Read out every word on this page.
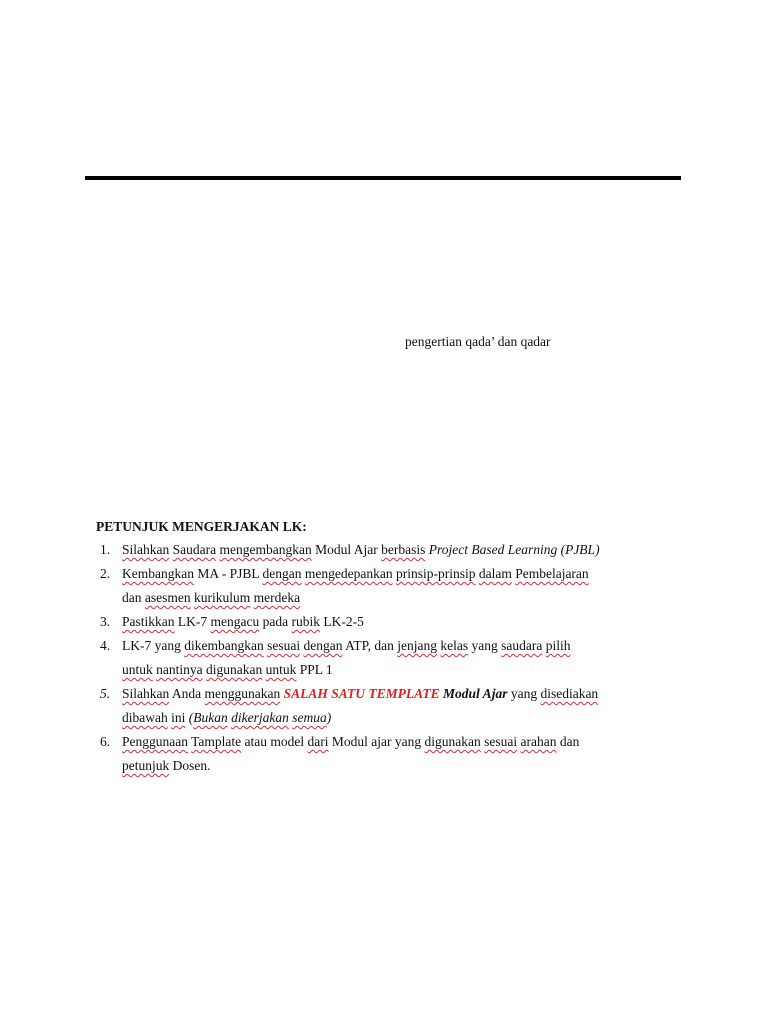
pengertian qada’ dan qadar
PETUNJUK MENGERJAKAN LK:
1. Silahkan Saudara mengembangkan Modul Ajar berbasis Project Based Learning (PJBL)
2. Kembangkan MA - PJBL dengan mengedepankan prinsip-prinsip dalam Pembelajaran
dan asesmen kurikulum merdeka
3. Pastikkan LK-7 mengacu pada rubik LK-2-5
4. LK-7 yang dikembangkan sesuai dengan ATP, dan jenjang kelas yang saudara pilih
untuk nantinya digunakan untuk PPL 1
5. Silahkan Anda menggunakan SALAH SATU TEMPLATE Modul Ajar yang disediakan
dibawah ini (Bukan dikerjakan semua)
6. Penggunaan Tamplate atau model dari Modul ajar yang digunakan sesuai arahan dan
petunjuk Dosen.
